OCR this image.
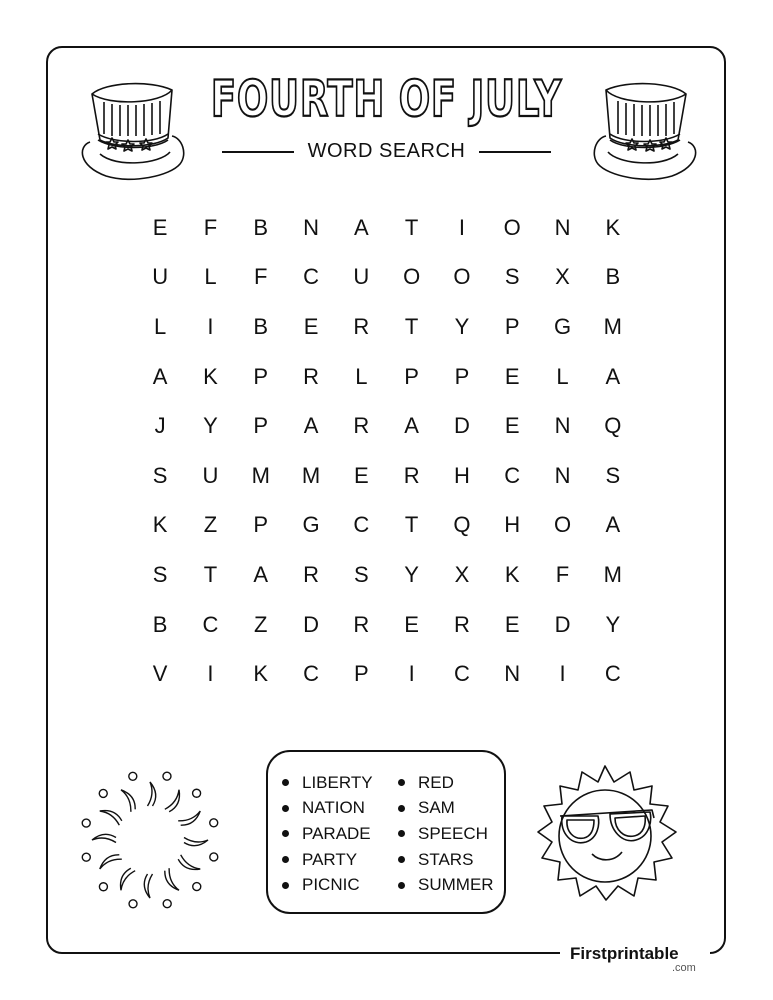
FOURTH OF JULY
WORD SEARCH
E	F	B	N	A	T	I	O	N	K
U	L	F	C	U	O	O	S	X	B
L	I	B	E	R	T	Y	P	G	M
A	K	P	R	L	P	P	E	L	A
J	Y	P	A	R	A	D	E	N	Q
S	U	M	M	E	R	H	C	N	S
K	Z	P	G	C	T	Q	H	O	A
S	T	A	R	S	Y	X	K	F	M
B	C	Z	D	R	E	R	E	D	Y
V	I	K	C	P	I	C	N	I	C
LIBERTY
NATION
PARADE
PARTY
PICNIC
RED
SAM
SPEECH
STARS
SUMMER
Firstprintable
.com
